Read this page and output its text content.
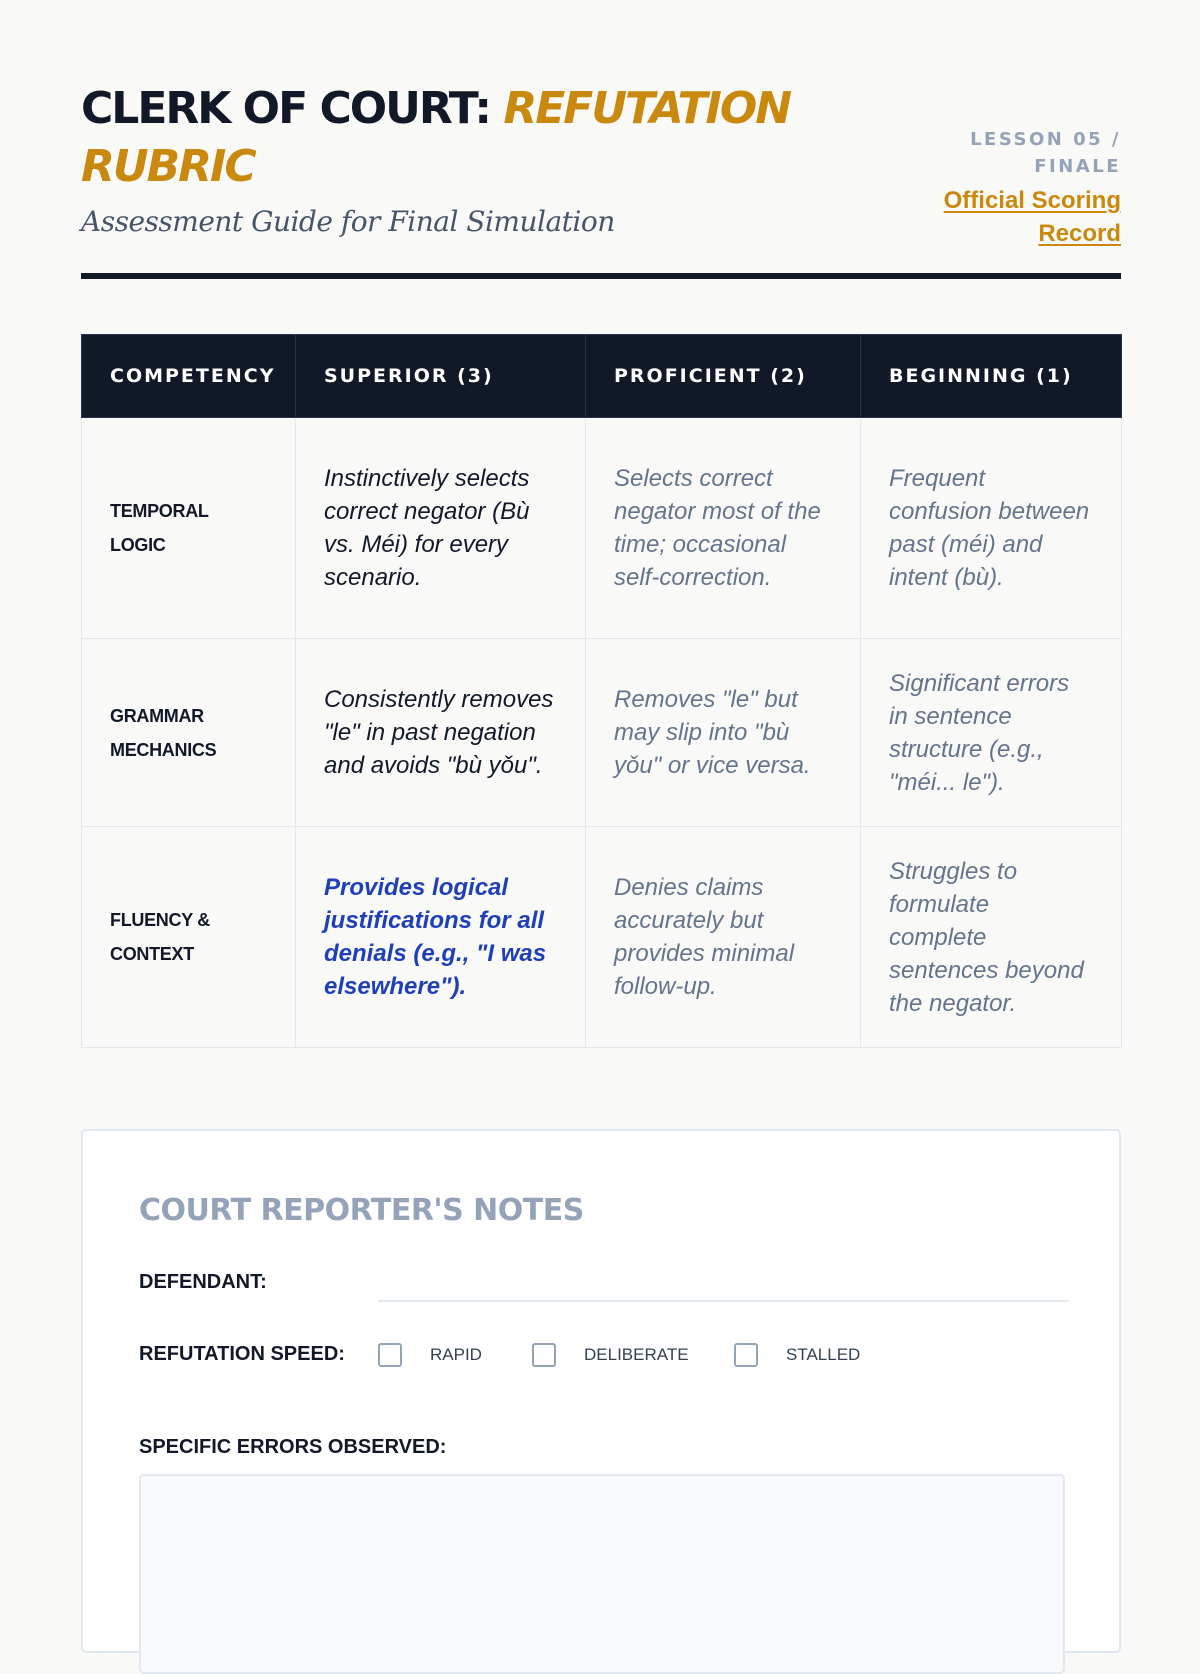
CLERK OF COURT: REFUTATION RUBRIC

Assessment Guide for Final Simulation

LESSON 05 /
FINALE
Official Scoring
Record
COMPETENCY	SUPERIOR (3)	PROFICIENT (2)	BEGINNING (1)
TEMPORAL LOGIC	Instinctively selects correct negator (Bù vs. Méi) for every scenario.	Selects correct negator most of the time; occasional self-correction.	Frequent confusion between past (méi) and intent (bù).
GRAMMAR MECHANICS	Consistently removes "le" in past negation and avoids "bù yǒu".	Removes "le" but may slip into "bù yǒu" or vice versa.	Significant errors in sentence structure (e.g., "méi... le").
FLUENCY & CONTEXT	Provides logical justifications for all denials (e.g., "I was elsewhere").	Denies claims accurately but provides minimal follow-up.	Struggles to formulate complete sentences beyond the negator.
COURT REPORTER'S NOTES
DEFENDANT:
REFUTATION SPEED:	RAPID	DELIBERATE	STALLED
SPECIFIC ERRORS OBSERVED:
